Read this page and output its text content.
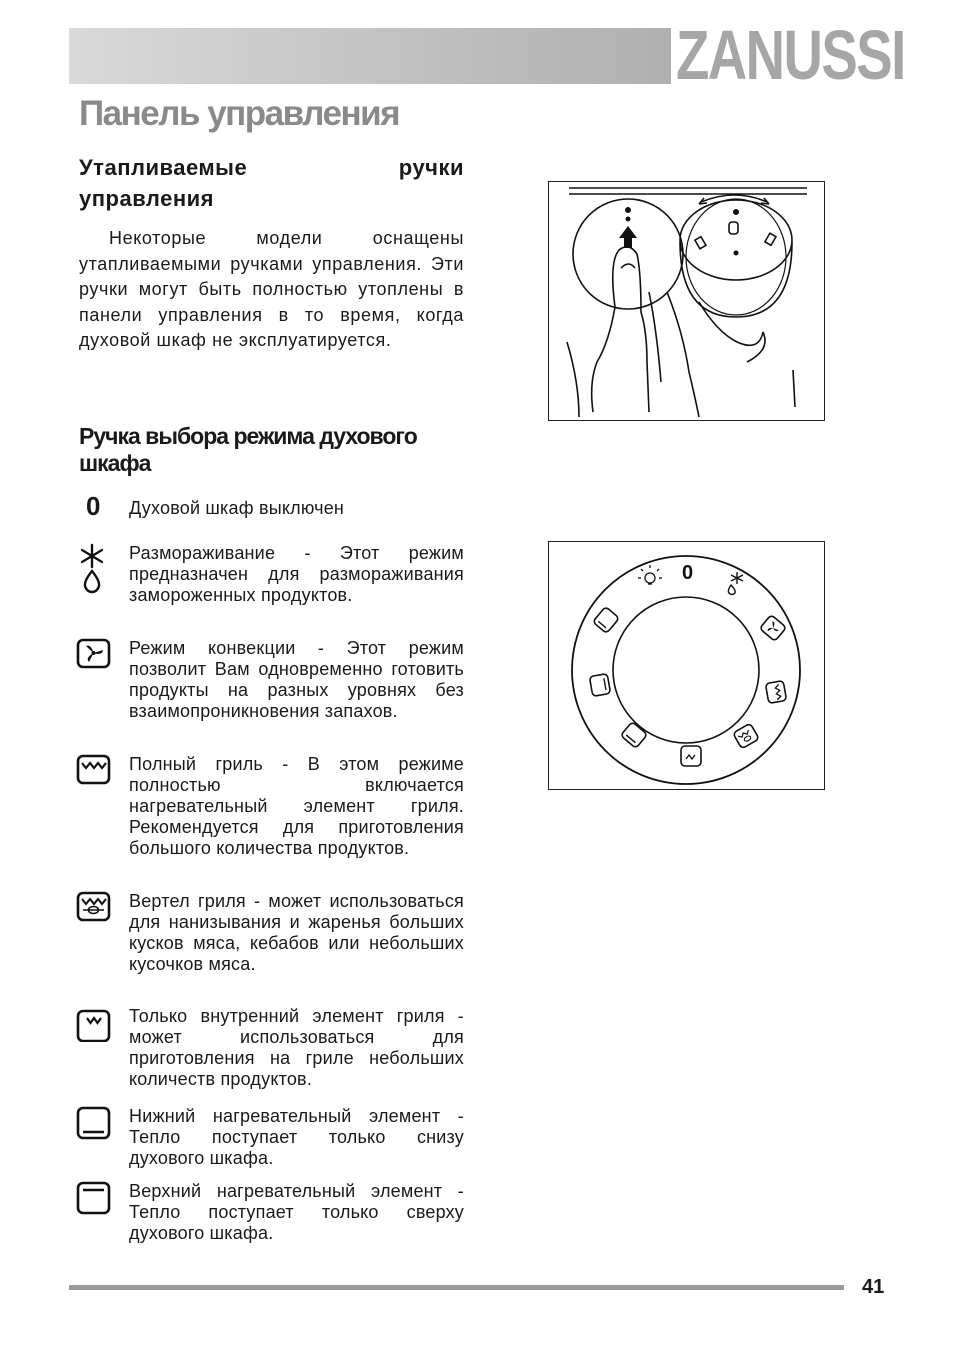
ZANUSSI
Панель управления
Утапливаемые	ручки
управления

Некоторые модели оснащены утапливаемыми ручками управления. Эти ручки могут быть полностью утоплены в панели управления в то время, когда духовой шкаф не эксплуатируется.

Ручка выбора режима духового шкафа
0 Духовой шкаф выключен

Размораживание - Этот режим предназначен для размораживания замороженных продуктов.

Режим конвекции - Этот режим позволит Вам одновременно готовить продукты на разных уровнях без взаимопроникновения запахов.

Полный гриль - В этом режиме полностью включается нагревательный элемент гриля. Рекомендуется для приготовления большого количества продуктов.

Вертел гриля - может использоваться для нанизывания и жаренья больших кусков мяса, кебабов или небольших кусочков мяса.

Только внутренний элемент гриля - может использоваться для приготовления на гриле небольших количеств продуктов.

Нижний нагревательный элемент - Тепло поступает только снизу духового шкафа.

Верхний нагревательный элемент - Тепло поступает только сверху духового шкафа.

0
41
